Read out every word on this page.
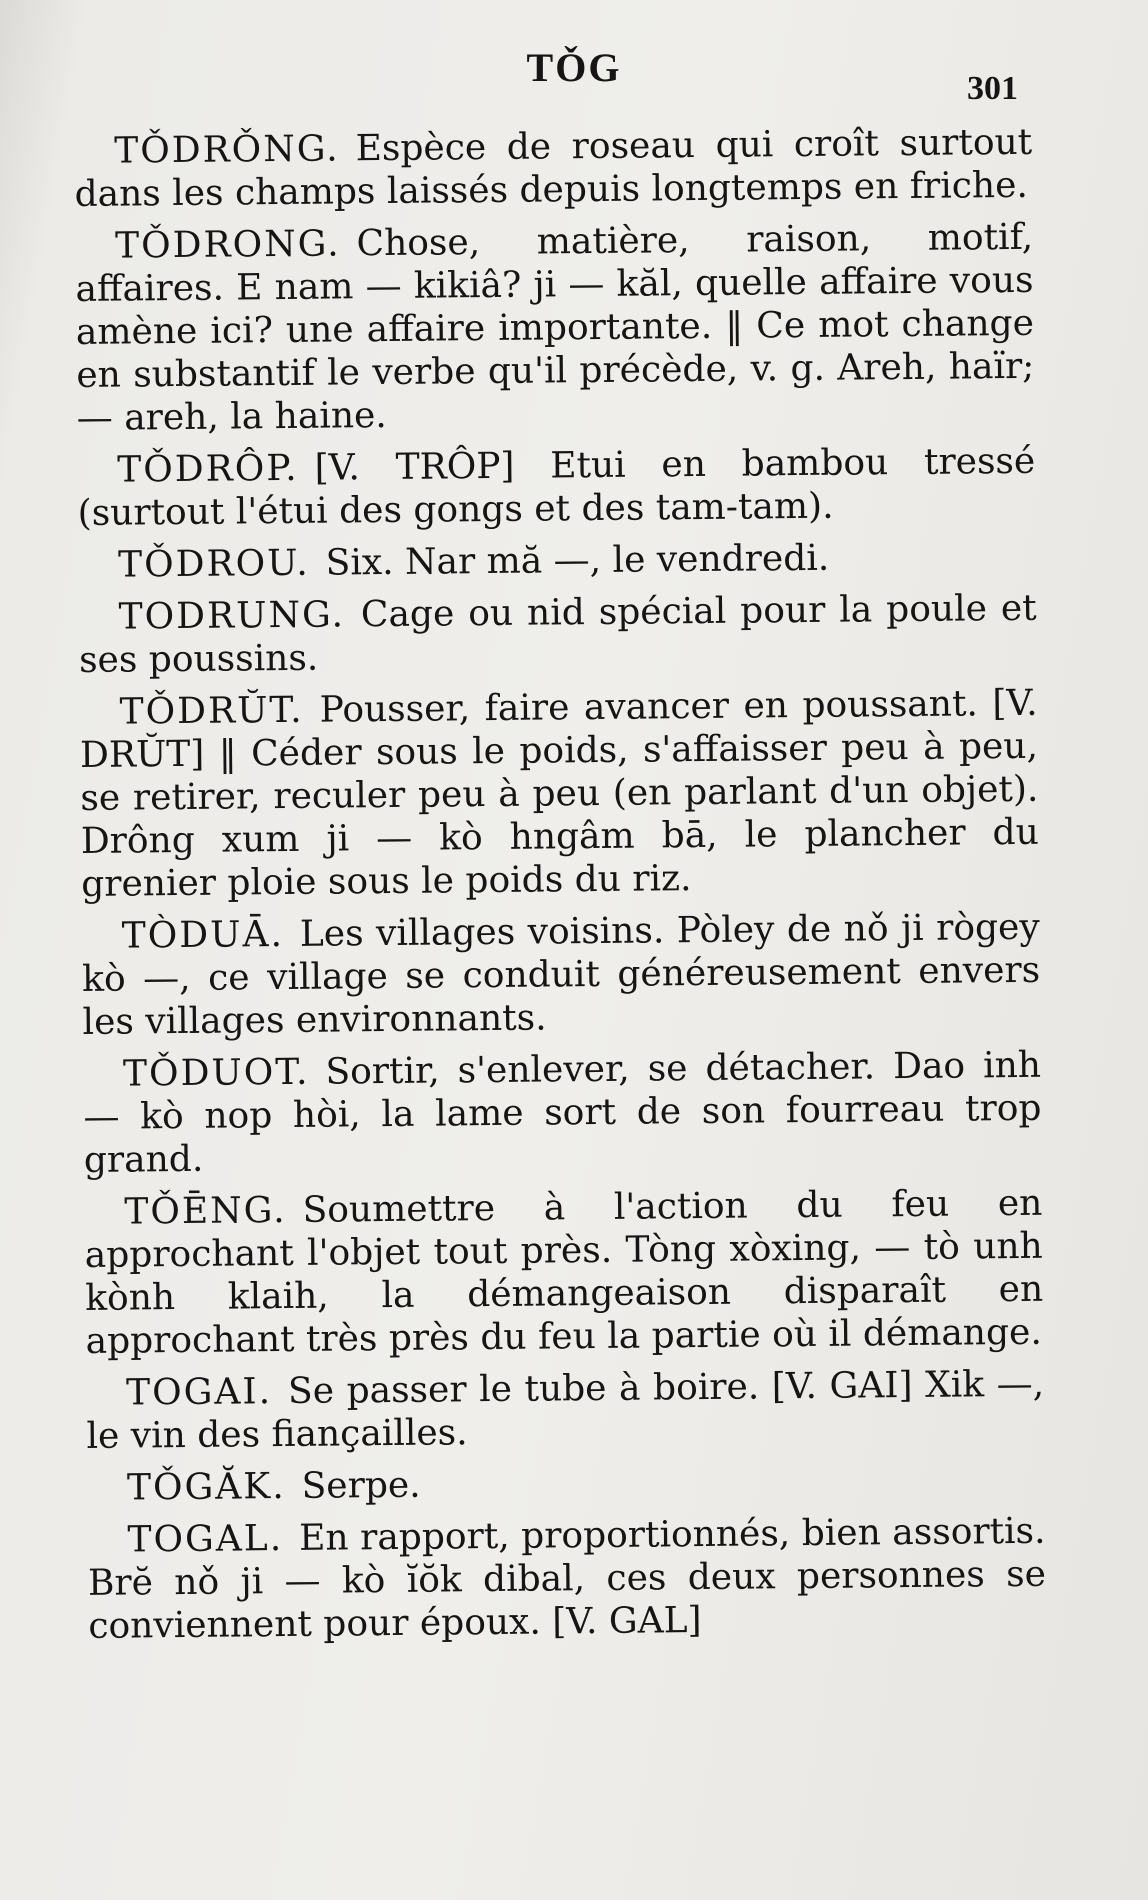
TǑG	301

TǑDRǑNG. Espèce de roseau qui croît surtout dans les champs laissés depuis longtemps en friche.

TǑDRONG. Chose, matière, raison, motif, affaires. E nam — kikiâ? ji — kăl, quelle affaire vous amène ici? une affaire importante. ‖ Ce mot change en substantif le verbe qu'il précède, v. g. Areh, haïr; — areh, la haine.

TǑDRÔP. [V. TRÔP] Etui en bambou tressé (surtout l'étui des gongs et des tam-tam).

TǑDROU. Six. Nar mă —, le vendredi.

TODRUNG. Cage ou nid spécial pour la poule et ses poussins.

TǑDRŬT. Pousser, faire avancer en poussant. [V. DRŬT] ‖ Céder sous le poids, s'affaisser peu à peu, se retirer, reculer peu à peu (en parlant d'un objet). Drông xum ji — kò hngâm bā, le plancher du grenier ploie sous le poids du riz.

TÒDUĀ. Les villages voisins. Pòley de nǒ ji rògey kò —, ce village se conduit généreusement envers les villages environnants.

TǑDUOT. Sortir, s'enlever, se détacher. Dao inh — kò nop hòi, la lame sort de son fourreau trop grand.

TǑĒNG. Soumettre à l'action du feu en approchant l'objet tout près. Tòng xòxing, — tò unh kònh klaih, la démangeaison disparaît en approchant très près du feu la partie où il démange.

TOGAI. Se passer le tube à boire. [V. GAI] Xik —, le vin des fiançailles.

TǑGĂK. Serpe.

TOGAL. En rapport, proportionnés, bien assortis. Brĕ nǒ ji — kò ĭŏk dibal, ces deux personnes se conviennent pour époux. [V. GAL]
